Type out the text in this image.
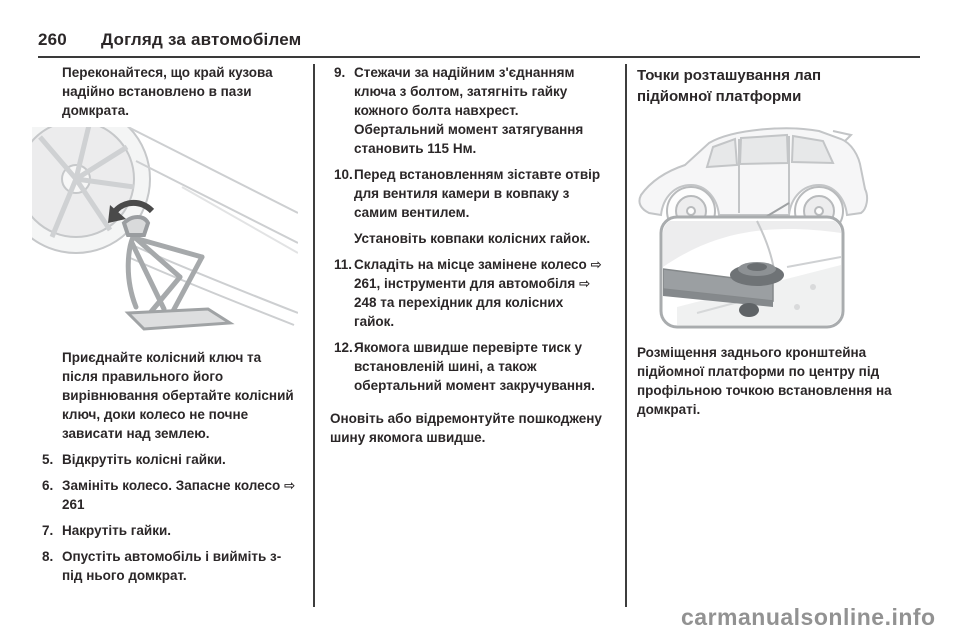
260 Догляд за автомобілем

Переконайтеся, що край кузова надійно встановлено в пази домкрата.

Приєднайте колісний ключ та після правильного його вирівнювання обертайте колісний ключ, доки колесо не почне зависати над землею.

5. Відкрутіть колісні гайки.
6. Замініть колесо. Запасне колесо ⇨ 261
7. Накрутіть гайки.
8. Опустіть автомобіль і вийміть з-під нього домкрат.
9. Стежачи за надійним з'єднанням ключа з болтом, затягніть гайку кожного болта навхрест. Обертальний момент затягування становить 115 Нм.
10. Перед встановленням зіставте отвір для вентиля камери в ковпаку з самим вентилем.
Установіть ковпаки колісних гайок.
11. Складіть на місце замінене колесо ⇨ 261, інструменти для автомобіля ⇨ 248 та перехідник для колісних гайок.
12. Якомога швидше перевірте тиск у встановленій шині, а також обертальний момент закручування.

Оновіть або відремонтуйте пошкоджену шину якомога швидше.

Точки розташування лап підйомної платформи

Розміщення заднього кронштейна підйомної платформи по центру під профільною точкою встановлення на домкраті.

carmanualsonline.info
